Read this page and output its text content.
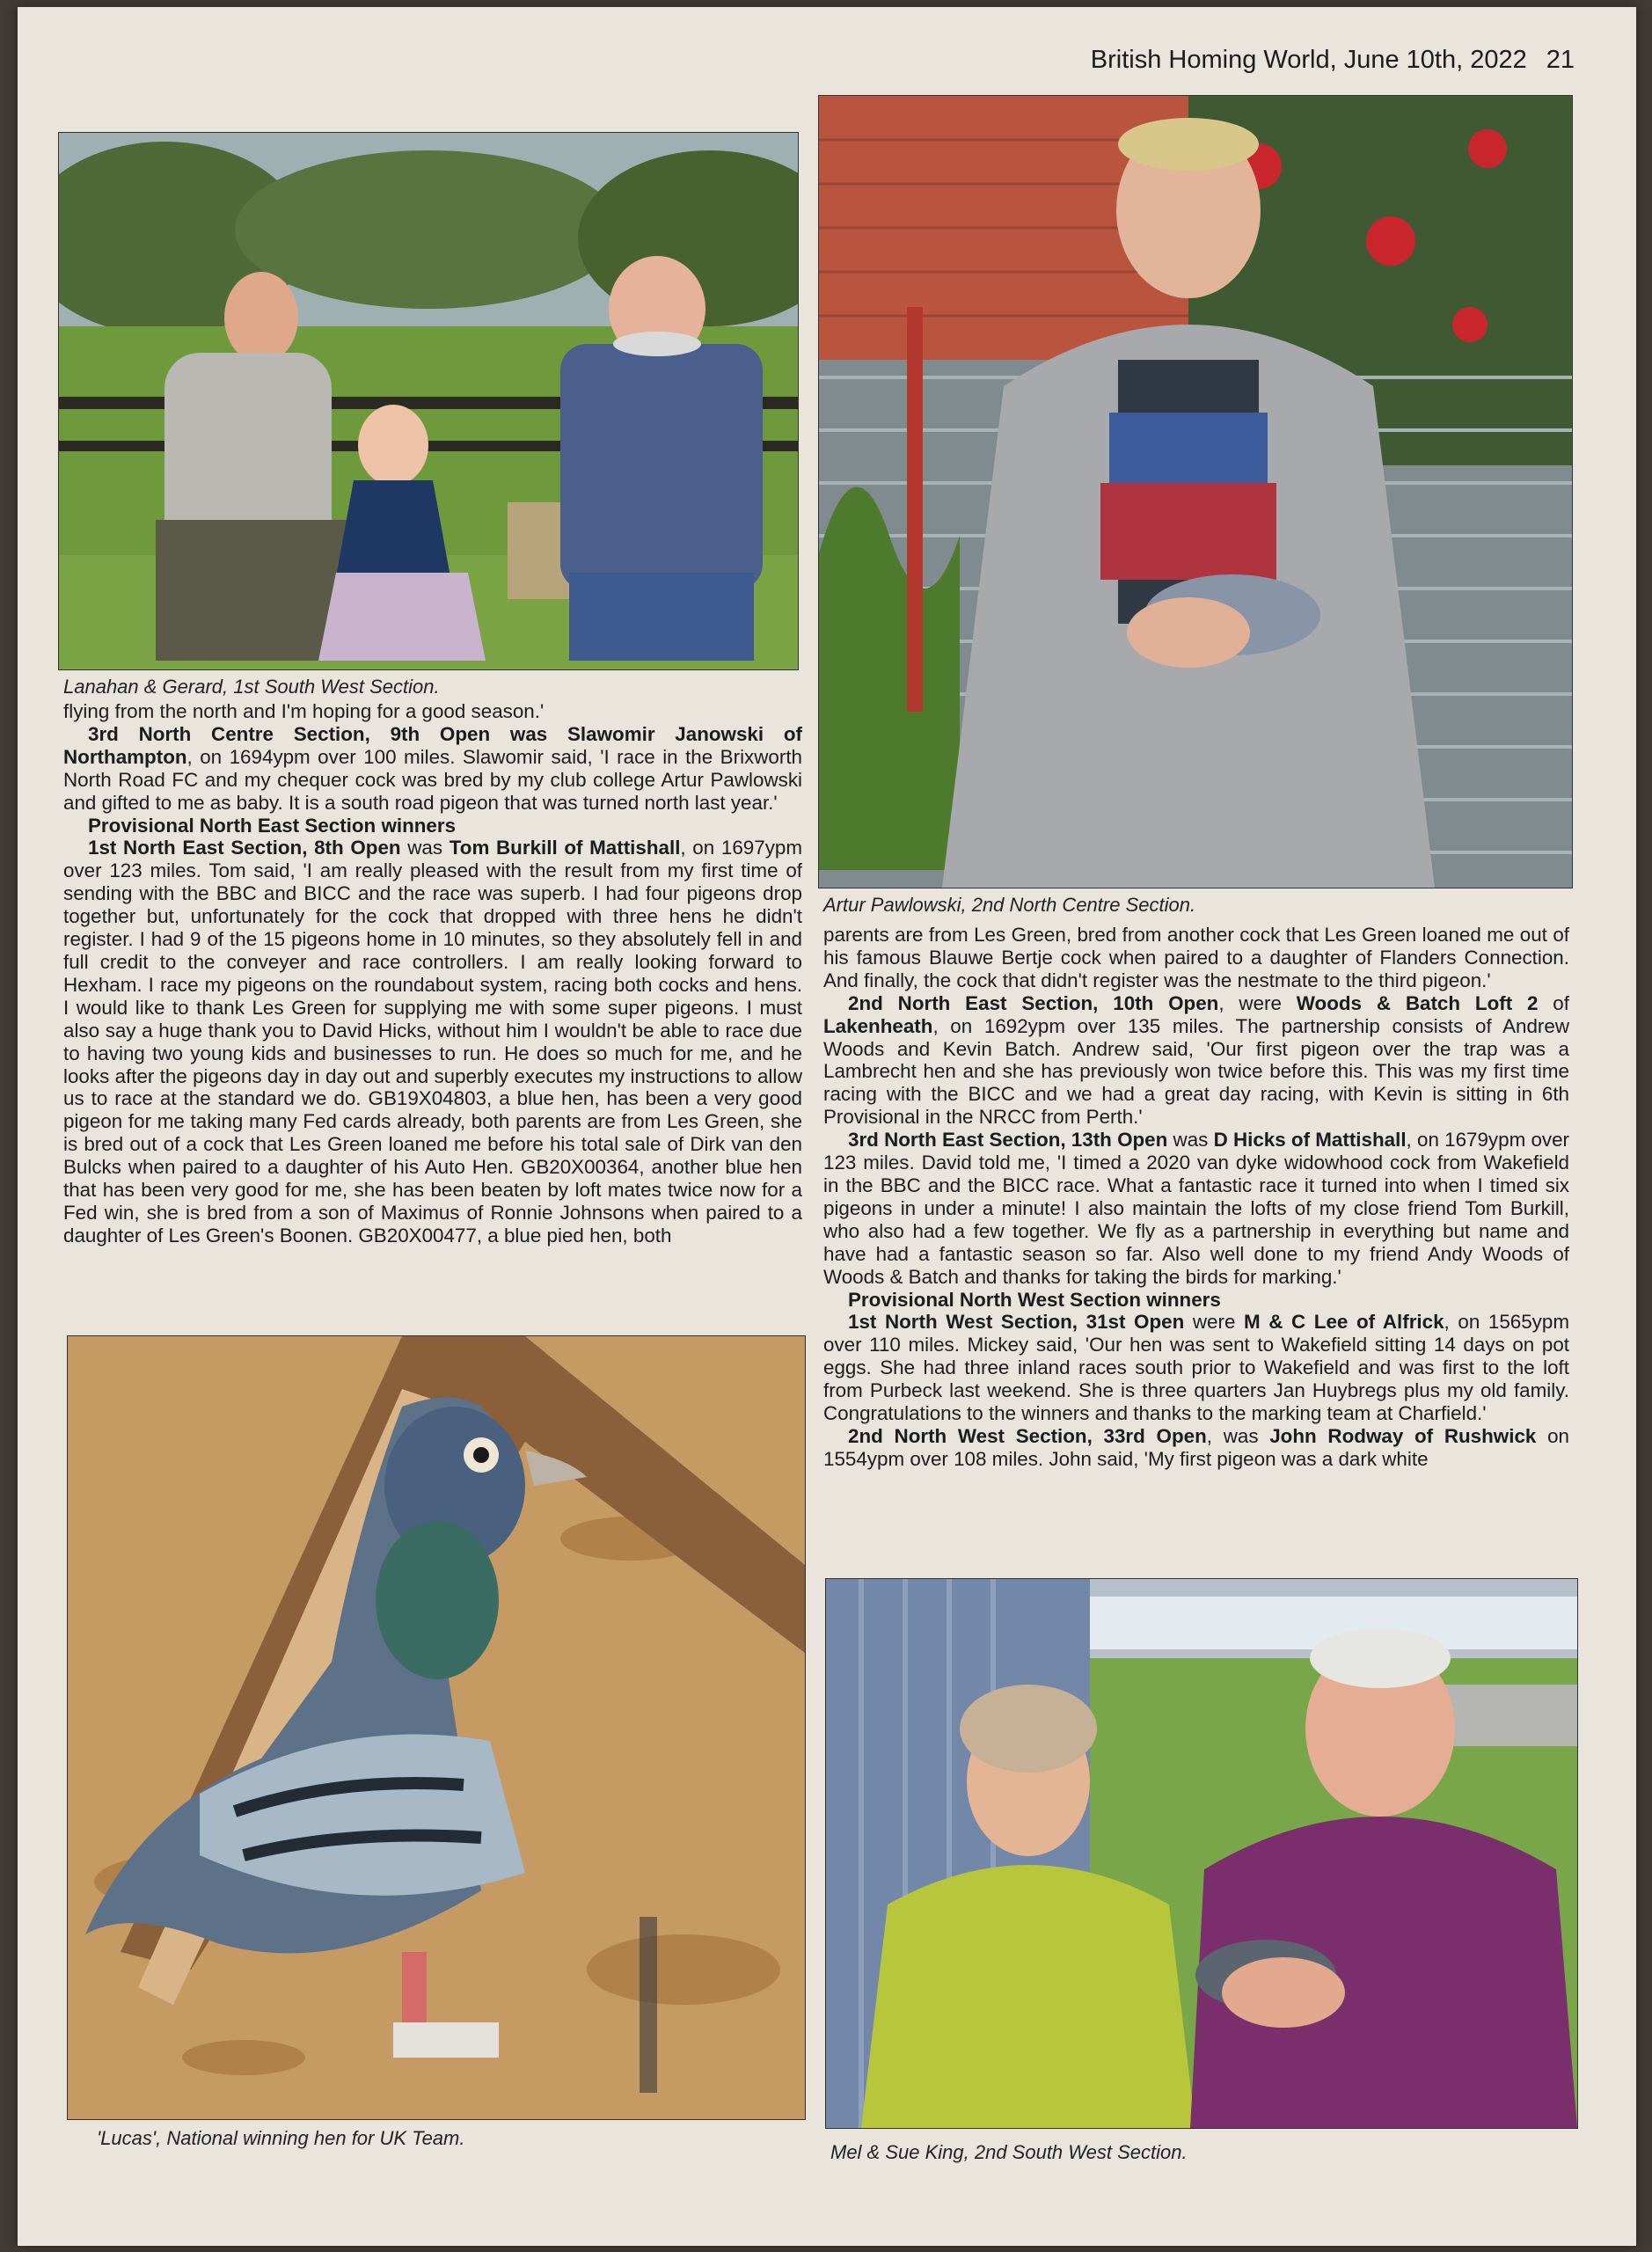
British Homing World, June 10th, 2022 21
Lanahan & Gerard, 1st South West Section.
Artur Pawlowski, 2nd North Centre Section.

flying from the north and I'm hoping for a good season.'

3rd North Centre Section, 9th Open was Slawomir Janowski of Northampton, on 1694ypm over 100 miles. Slawomir said, 'I race in the Brixworth North Road FC and my chequer cock was bred by my club college Artur Pawlowski and gifted to me as baby. It is a south road pigeon that was turned north last year.'

Provisional North East Section winners

1st North East Section, 8th Open was Tom Burkill of Mattishall, on 1697ypm over 123 miles. Tom said, 'I am really pleased with the result from my first time of sending with the BBC and BICC and the race was superb. I had four pigeons drop together but, unfortunately for the cock that dropped with three hens he didn't register. I had 9 of the 15 pigeons home in 10 minutes, so they absolutely fell in and full credit to the conveyer and race controllers. I am really looking forward to Hexham. I race my pigeons on the roundabout system, racing both cocks and hens. I would like to thank Les Green for supplying me with some super pigeons. I must also say a huge thank you to David Hicks, without him I wouldn't be able to race due to having two young kids and businesses to run. He does so much for me, and he looks after the pigeons day in day out and superbly executes my instructions to allow us to race at the standard we do. GB19X04803, a blue hen, has been a very good pigeon for me taking many Fed cards already, both parents are from Les Green, she is bred out of a cock that Les Green loaned me before his total sale of Dirk van den Bulcks when paired to a daughter of his Auto Hen. GB20X00364, another blue hen that has been very good for me, she has been beaten by loft mates twice now for a Fed win, she is bred from a son of Maximus of Ronnie Johnsons when paired to a daughter of Les Green's Boonen. GB20X00477, a blue pied hen, both

parents are from Les Green, bred from another cock that Les Green loaned me out of his famous Blauwe Bertje cock when paired to a daughter of Flanders Connection. And finally, the cock that didn't register was the nestmate to the third pigeon.'

2nd North East Section, 10th Open, were Woods & Batch Loft 2 of Lakenheath, on 1692ypm over 135 miles. The partnership consists of Andrew Woods and Kevin Batch. Andrew said, 'Our first pigeon over the trap was a Lambrecht hen and she has previously won twice before this. This was my first time racing with the BICC and we had a great day racing, with Kevin is sitting in 6th Provisional in the NRCC from Perth.'

3rd North East Section, 13th Open was D Hicks of Mattishall, on 1679ypm over 123 miles. David told me, 'I timed a 2020 van dyke widowhood cock from Wakefield in the BBC and the BICC race. What a fantastic race it turned into when I timed six pigeons in under a minute! I also maintain the lofts of my close friend Tom Burkill, who also had a few together. We fly as a partnership in everything but name and have had a fantastic season so far. Also well done to my friend Andy Woods of Woods & Batch and thanks for taking the birds for marking.'

Provisional North West Section winners

1st North West Section, 31st Open were M & C Lee of Alfrick, on 1565ypm over 110 miles. Mickey said, 'Our hen was sent to Wakefield sitting 14 days on pot eggs. She had three inland races south prior to Wakefield and was first to the loft from Purbeck last weekend. She is three quarters Jan Huybregs plus my old family. Congratulations to the winners and thanks to the marking team at Charfield.'

2nd North West Section, 33rd Open, was John Rodway of Rushwick on 1554ypm over 108 miles. John said, 'My first pigeon was a dark white

'Lucas', National winning hen for UK Team.
Mel & Sue King, 2nd South West Section.
